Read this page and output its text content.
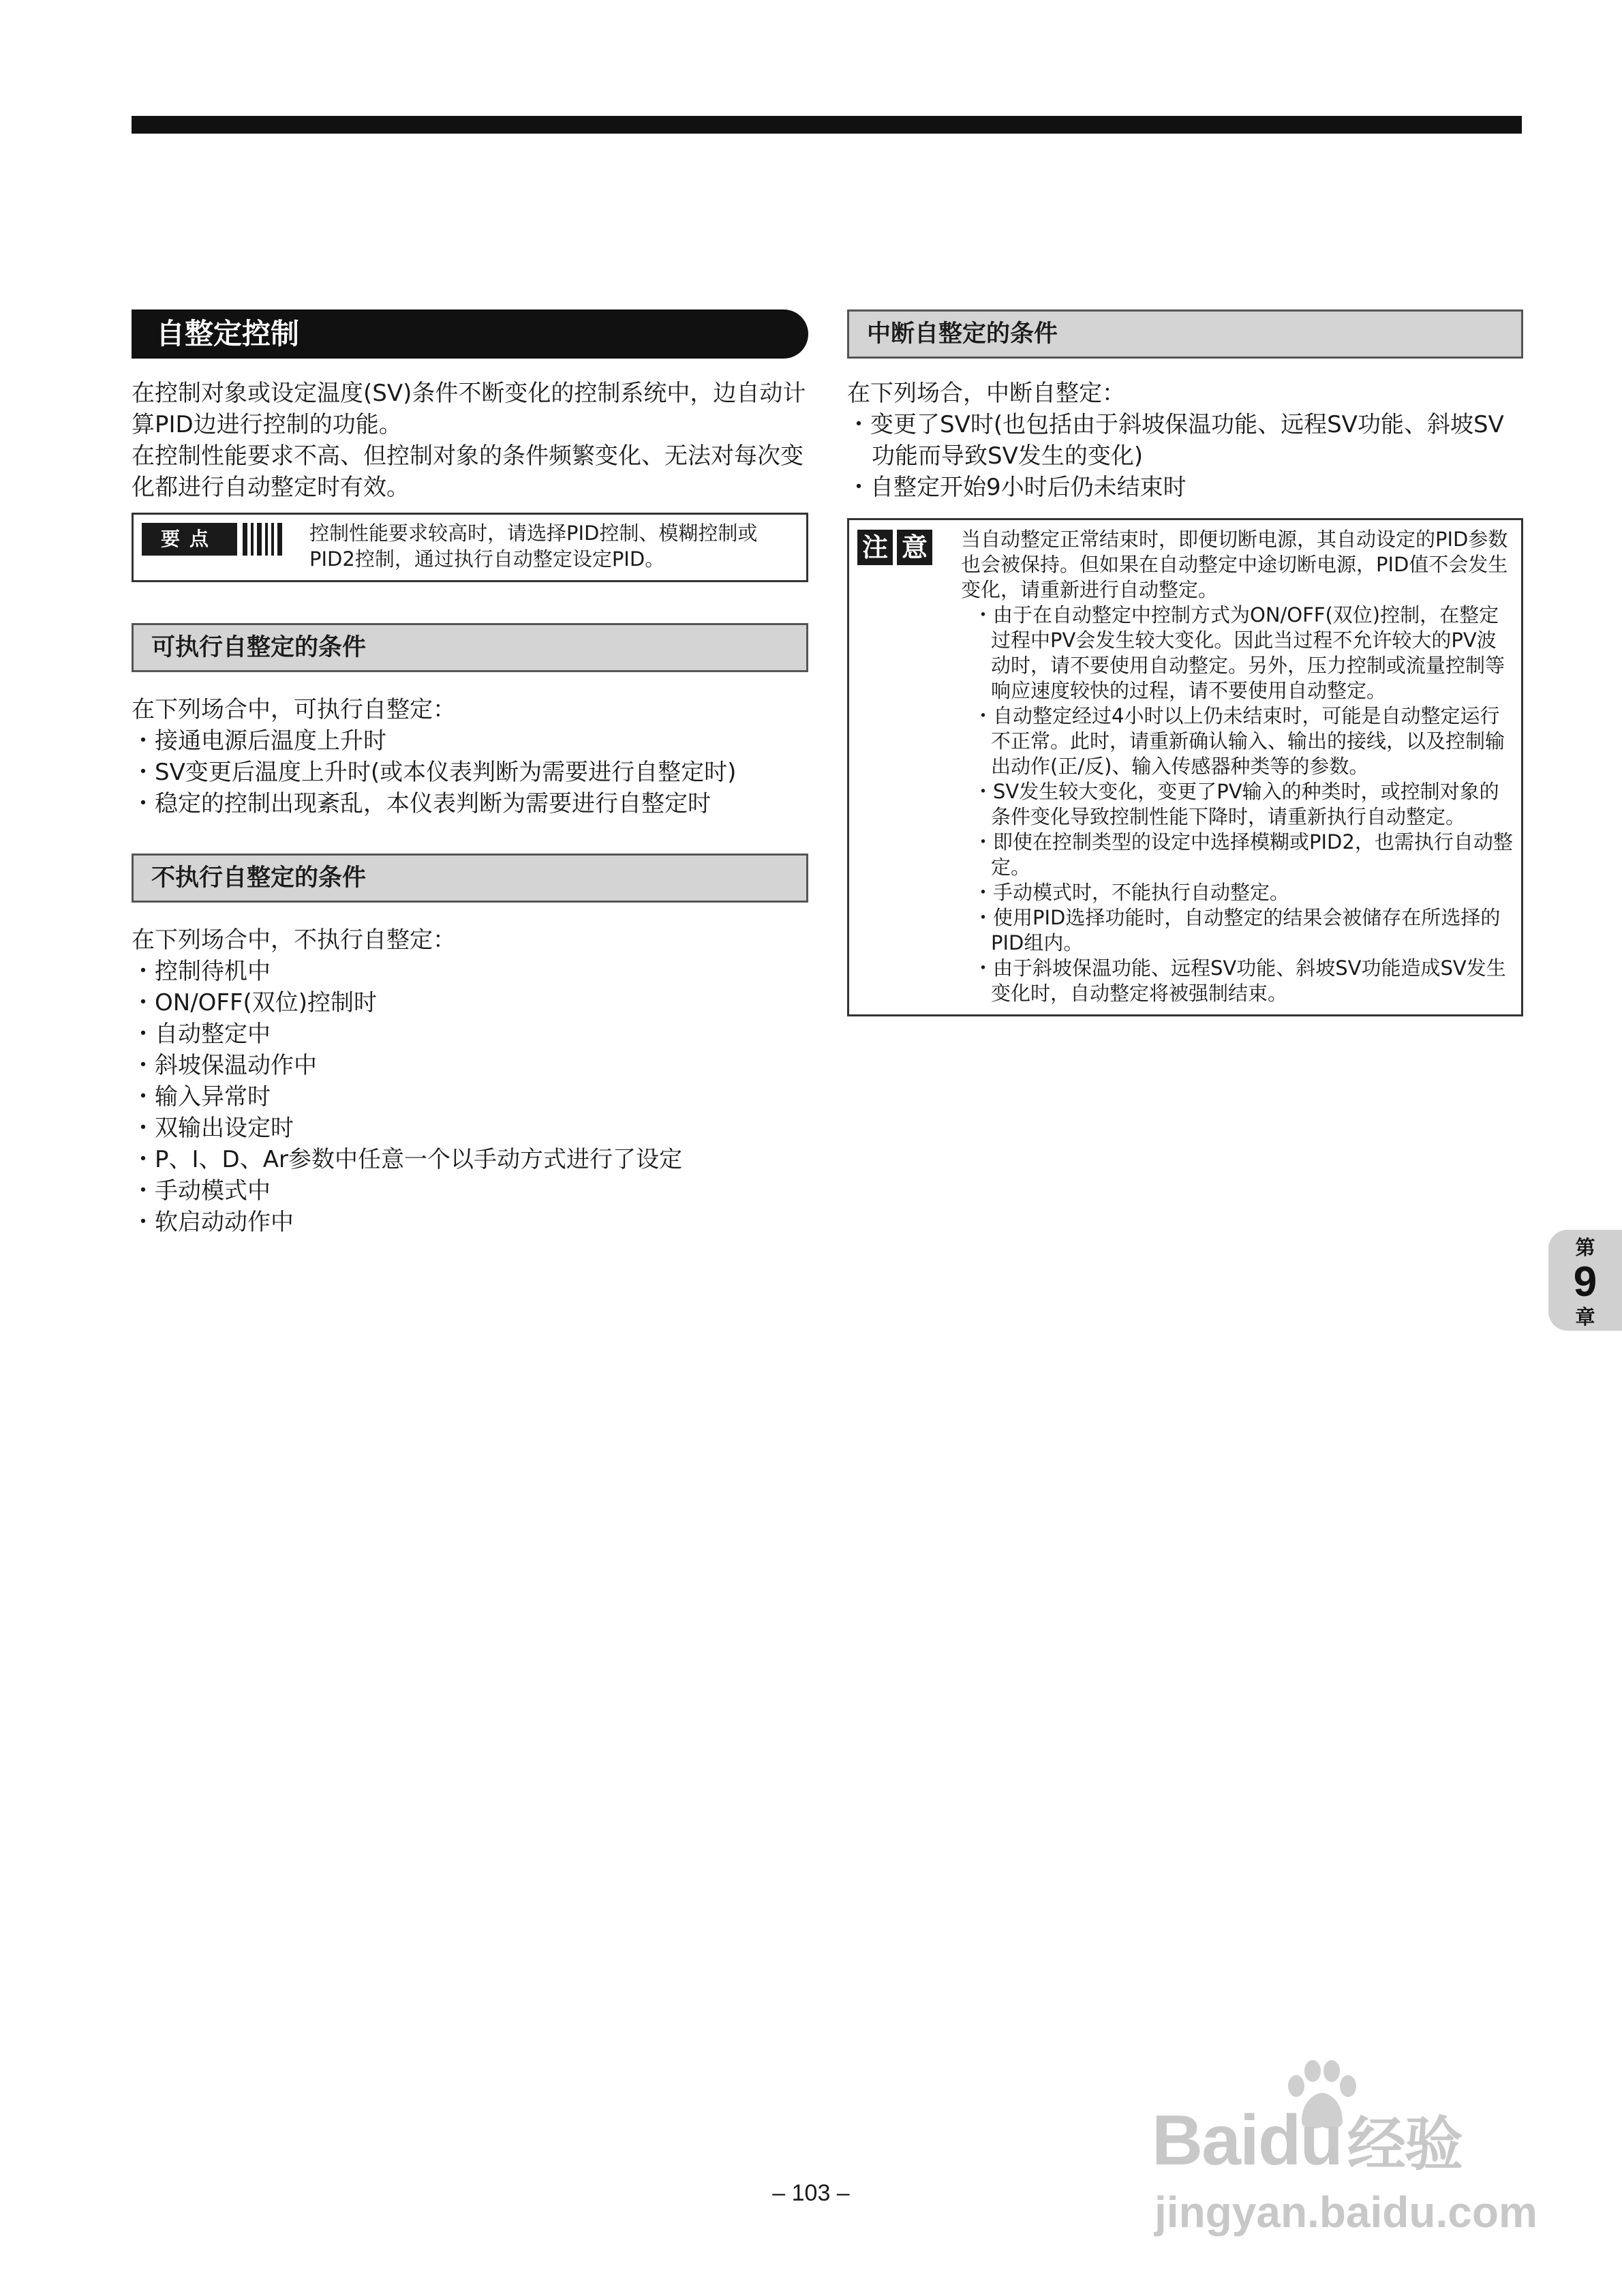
自整定控制

在控制对象或设定温度(SV)条件不断变化的控制系统中，边自动计算PID边进行控制的功能。

在控制性能要求不高、但控制对象的条件频繁变化、无法对每次变化都进行自动整定时有效。

要点	控制性能要求较高时，请选择PID控制、模糊控制或PID2控制，通过执行自动整定设定PID。
可执行自整定的条件

在下列场合中，可执行自整定：

・接通电源后温度上升时
・SV变更后温度上升时(或本仪表判断为需要进行自整定时)
・稳定的控制出现紊乱，本仪表判断为需要进行自整定时
不执行自整定的条件

在下列场合中，不执行自整定：

・控制待机中
・ON/OFF(双位)控制时
・自动整定中
・斜坡保温动作中
・输入异常时
・双输出设定时
・P、I、D、Ar参数中任意一个以手动方式进行了设定
・手动模式中
・软启动动作中
中断自整定的条件

在下列场合，中断自整定：

・变更了SV时(也包括由于斜坡保温功能、远程SV功能、斜坡SV功能而导致SV发生的变化)
・自整定开始9小时后仍未结束时
注 意 当自动整定正常结束时，即便切断电源，其自动设定的PID参数也会被保持。但如果在自动整定中途切断电源，PID值不会发生变化，请重新进行自动整定。
・由于在自动整定中控制方式为ON/OFF(双位)控制，在整定过程中PV会发生较大变化。因此当过程不允许较大的PV波动时，请不要使用自动整定。另外，压力控制或流量控制等响应速度较快的过程，请不要使用自动整定。
・自动整定经过4小时以上仍未结束时，可能是自动整定运行不正常。此时，请重新确认输入、输出的接线，以及控制输出动作(正/反)、输入传感器种类等的参数。
・SV发生较大变化，变更了PV输入的种类时，或控制对象的条件变化导致控制性能下降时，请重新执行自动整定。
・即使在控制类型的设定中选择模糊或PID2，也需执行自动整定。
・手动模式时，不能执行自动整定。
・使用PID选择功能时，自动整定的结果会被储存在所选择的PID组内。
・由于斜坡保温功能、远程SV功能、斜坡SV功能造成SV发生变化时，自动整定将被强制结束。
第
9
章
Baidu经验
jingyan.baidu.com
– 103 –
